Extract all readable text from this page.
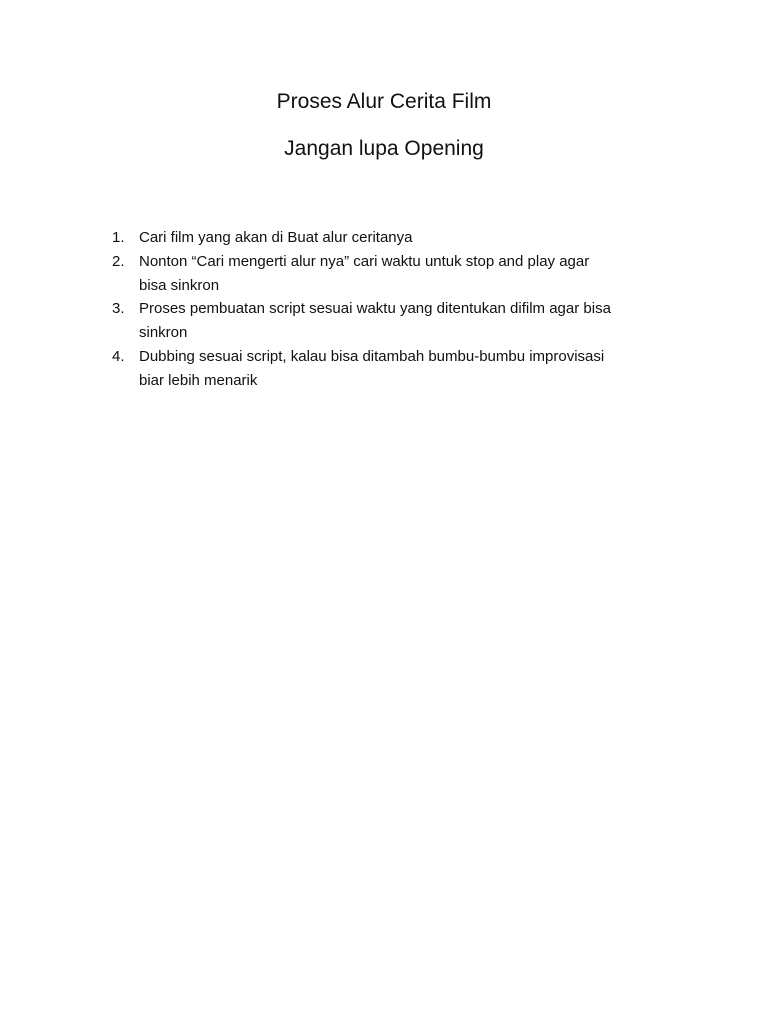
Proses Alur Cerita Film
Jangan lupa Opening
1. Cari film yang akan di Buat alur ceritanya
2. Nonton “Cari mengerti alur nya” cari waktu untuk stop and play agar
bisa sinkron
3. Proses pembuatan script sesuai waktu yang ditentukan difilm agar bisa
sinkron
4. Dubbing sesuai script, kalau bisa ditambah bumbu-bumbu improvisasi
biar lebih menarik
